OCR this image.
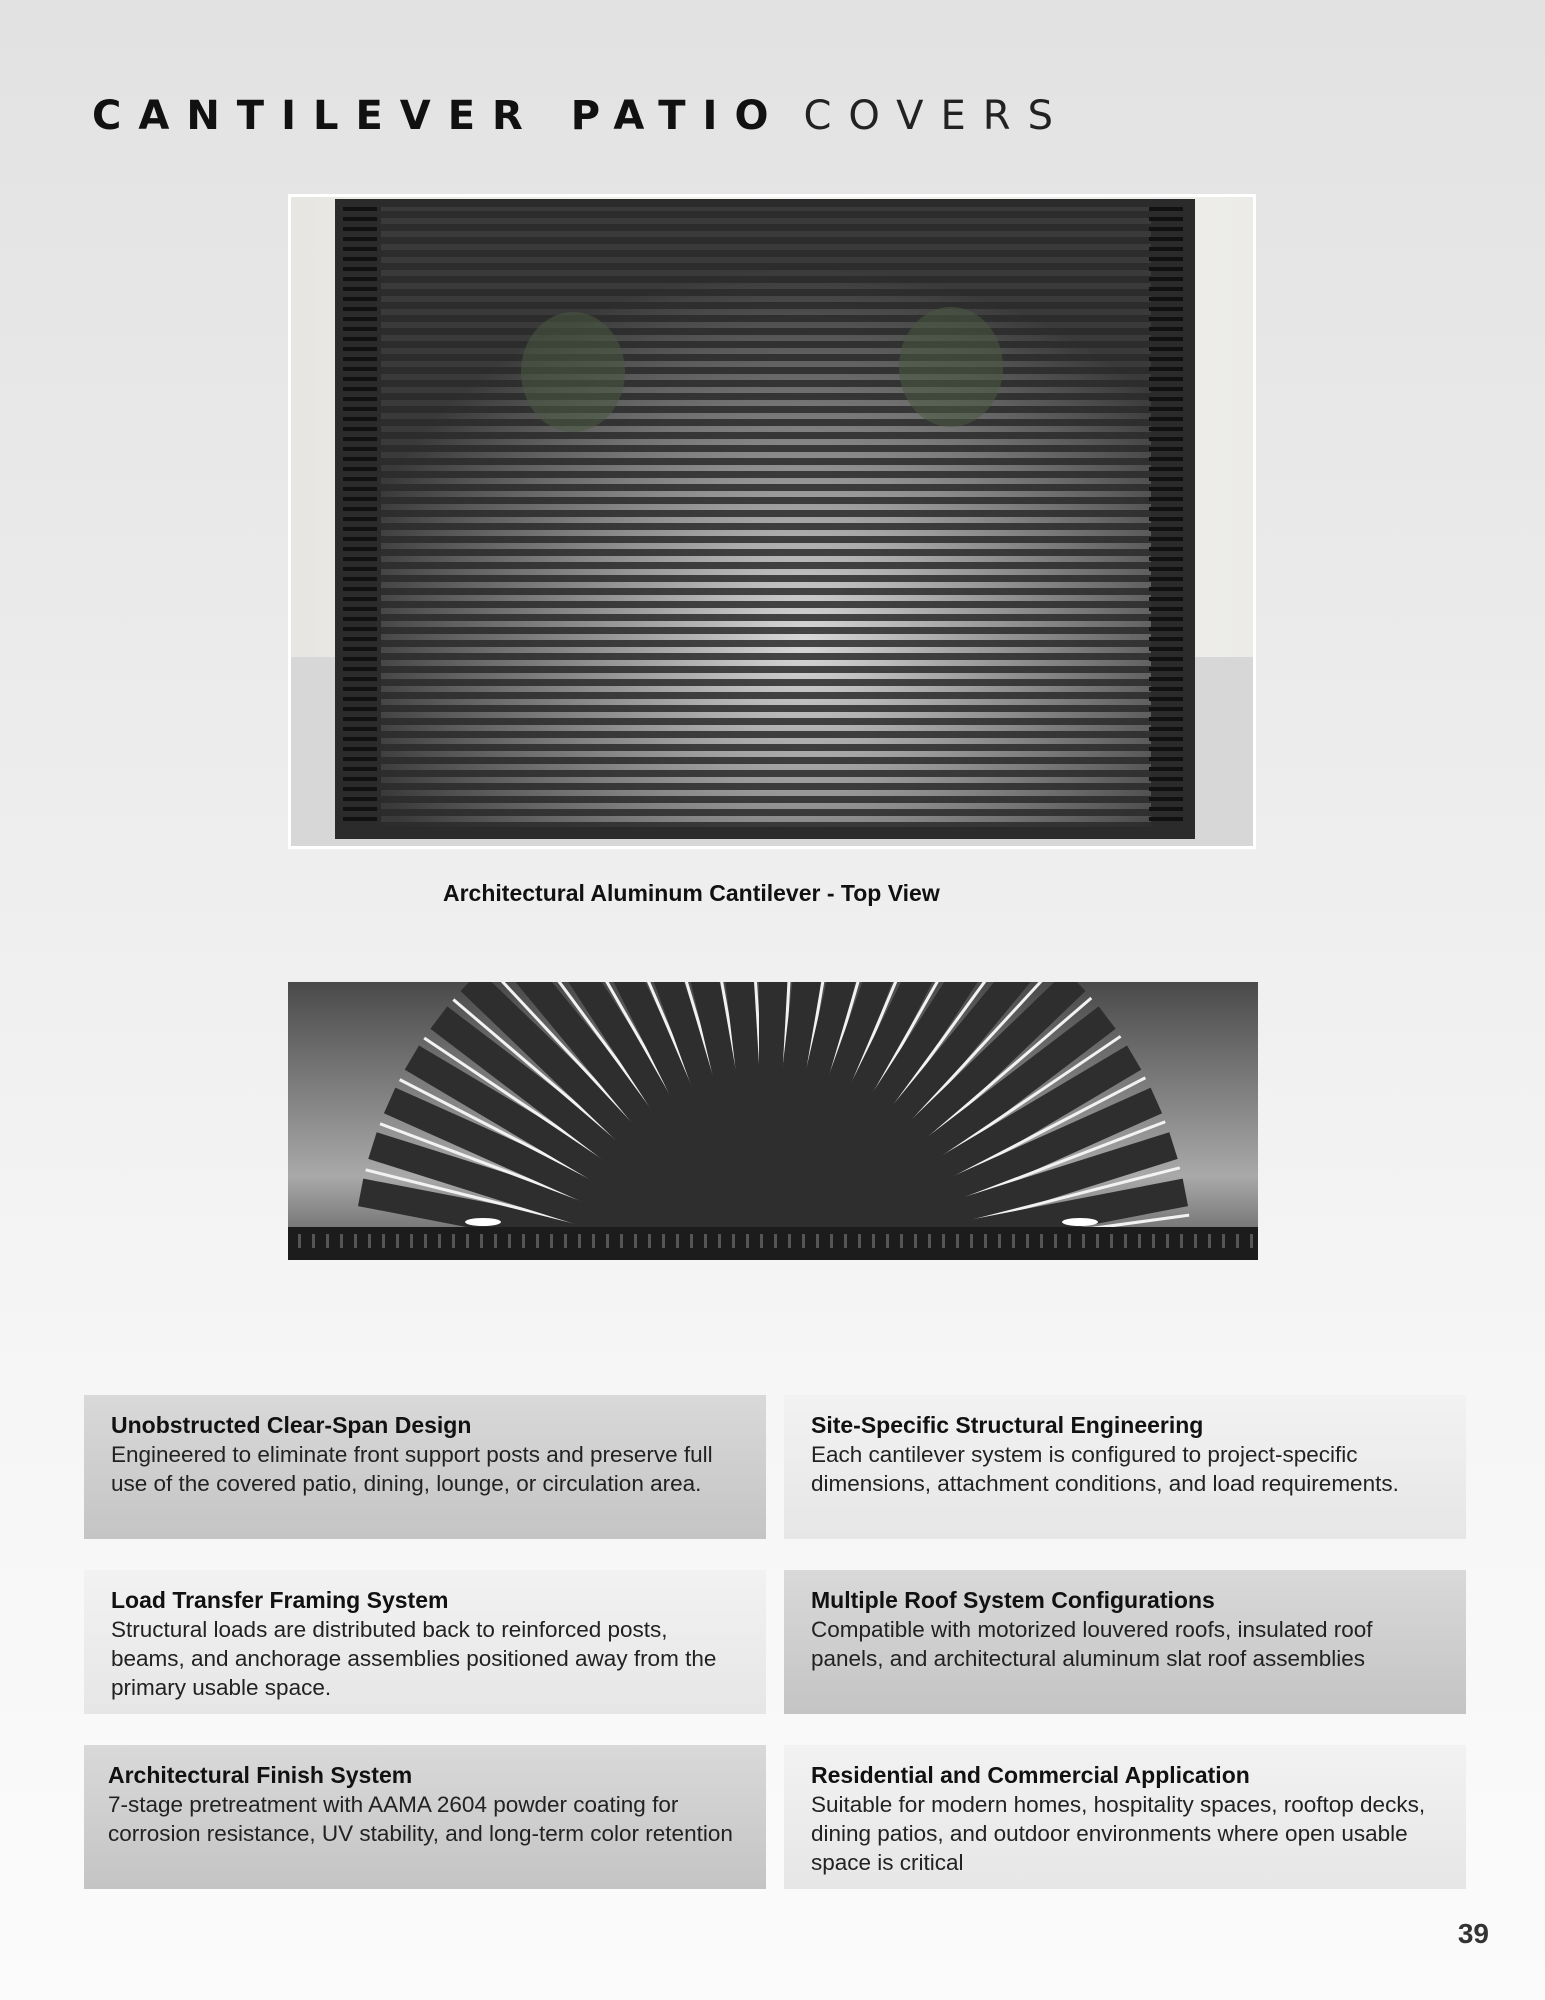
CANTILEVER PATIO COVERS
Architectural Aluminum Cantilever - Top View
Unobstructed Clear-Span Design

Engineered to eliminate front support posts and preserve full use of the covered patio, dining, lounge, or circulation area.

Site-Specific Structural Engineering

Each cantilever system is configured to project-specific dimensions, attachment conditions, and load requirements.

Load Transfer Framing System

Structural loads are distributed back to reinforced posts, beams, and anchorage assemblies positioned away from the primary usable space.

Multiple Roof System Configurations

Compatible with motorized louvered roofs, insulated roof panels, and architectural aluminum slat roof assemblies

Architectural Finish System

7-stage pretreatment with AAMA 2604 powder coating for corrosion resistance, UV stability, and long-term color retention

Residential and Commercial Application

Suitable for modern homes, hospitality spaces, rooftop decks, dining patios, and outdoor environments where open usable space is critical

39
